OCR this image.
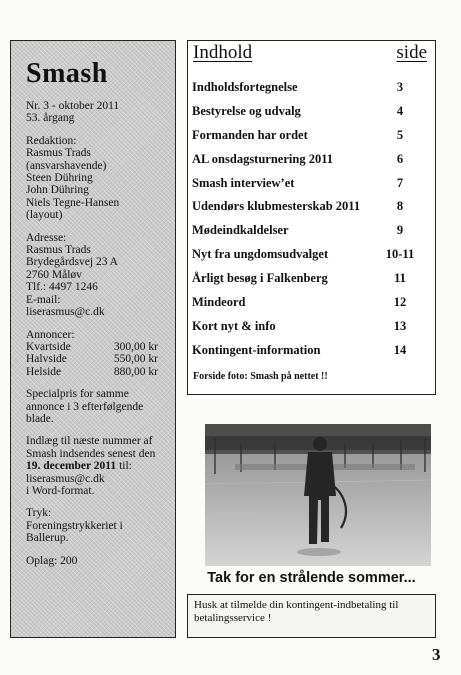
Smash

Nr. 3 - oktober 2011

53. årgang

Redaktion:

Rasmus Trads

(ansvarshavende)

Steen Dühring

John Dühring

Niels Tegne-Hansen

(layout)

Adresse:

Rasmus Trads

Brydegårdsvej 23 A

2760 Måløv

Tlf.: 4497 1246

E-mail:

liserasmus@c.dk

Annoncer:
Kvartside	300,00 kr
Halvside	550,00 kr
Helside	880,00 kr

Specialpris for samme

annonce i 3 efterfølgende

blade.

Indlæg til næste nummer af

Smash indsendes senest den

19. december 2011 til:

liserasmus@c.dk

i Word-format.

Tryk:

Foreningstrykkeriet i

Ballerup.

Oplag: 200

Indhold	side
Indholdsfortegnelse	3
Bestyrelse og udvalg	4
Formanden har ordet	5
AL onsdagsturnering 2011	6
Smash interview’et	7
Udendørs klubmesterskab 2011	8
Mødeindkaldelser	9
Nyt fra ungdomsudvalget	10-11
Årligt besøg i Falkenberg	11
Mindeord	12
Kort nyt & info	13
Kontingent-information	14
Forside foto: Smash på nettet !!
Tak for en strålende sommer...
Husk at tilmelde din kontingent-indbetaling til betalingsservice !
3
